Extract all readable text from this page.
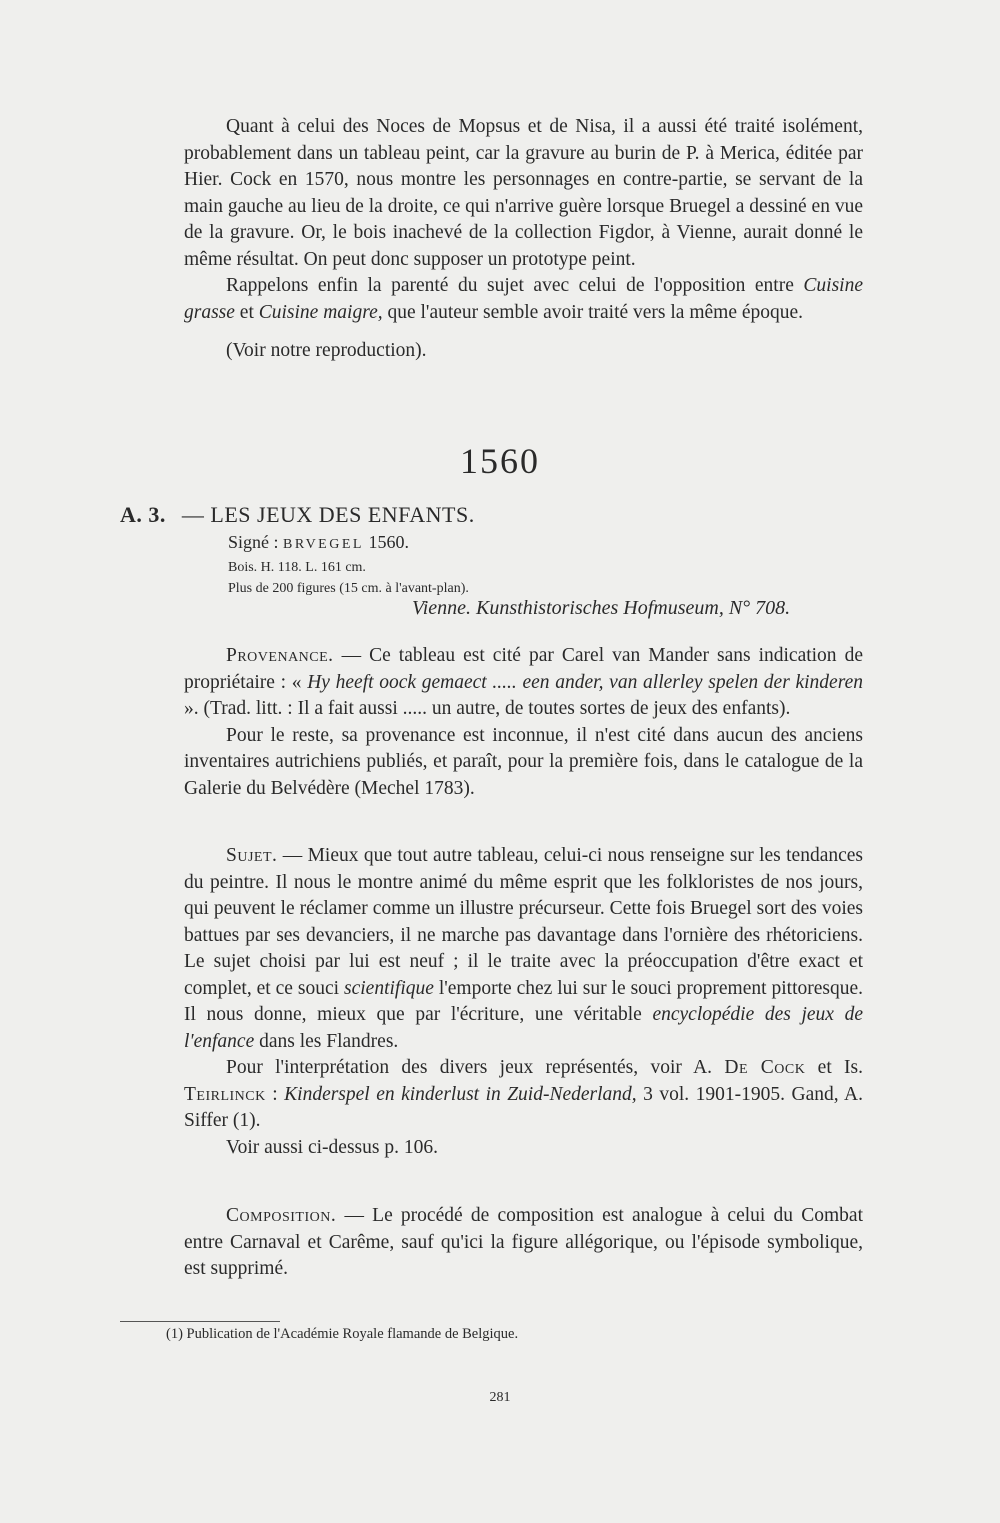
Quant à celui des Noces de Mopsus et de Nisa, il a aussi été traité isolément, probablement dans un tableau peint, car la gravure au burin de P. à Merica, éditée par Hier. Cock en 1570, nous montre les personnages en contre-partie, se servant de la main gauche au lieu de la droite, ce qui n'arrive guère lorsque Bruegel a dessiné en vue de la gravure. Or, le bois inachevé de la collection Figdor, à Vienne, aurait donné le même résultat. On peut donc supposer un prototype peint.

Rappelons enfin la parenté du sujet avec celui de l'opposition entre Cuisine grasse et Cuisine maigre, que l'auteur semble avoir traité vers la même époque.

(Voir notre reproduction).

1560
A. 3. — LES JEUX DES ENFANTS.
Signé : BRVEGEL 1560.
Bois. H. 118. L. 161 cm.
Plus de 200 figures (15 cm. à l'avant-plan).
Vienne. Kunsthistorisches Hofmuseum, N° 708.

Provenance. — Ce tableau est cité par Carel van Mander sans indication de propriétaire : « Hy heeft oock gemaect ..... een ander, van allerley spelen der kinderen ». (Trad. litt. : Il a fait aussi ..... un autre, de toutes sortes de jeux des enfants).

Pour le reste, sa provenance est inconnue, il n'est cité dans aucun des anciens inventaires autrichiens publiés, et paraît, pour la première fois, dans le catalogue de la Galerie du Belvédère (Mechel 1783).

Sujet. — Mieux que tout autre tableau, celui-ci nous renseigne sur les tendances du peintre. Il nous le montre animé du même esprit que les folkloristes de nos jours, qui peuvent le réclamer comme un illustre précurseur. Cette fois Bruegel sort des voies battues par ses devanciers, il ne marche pas davantage dans l'ornière des rhétoriciens. Le sujet choisi par lui est neuf ; il le traite avec la préoccupation d'être exact et complet, et ce souci scientifique l'emporte chez lui sur le souci proprement pittoresque. Il nous donne, mieux que par l'écriture, une véritable encyclopédie des jeux de l'enfance dans les Flandres.

Pour l'interprétation des divers jeux représentés, voir A. De Cock et Is. Teirlinck : Kinderspel en kinderlust in Zuid-Nederland, 3 vol. 1901-1905. Gand, A. Siffer (1).

Voir aussi ci-dessus p. 106.

Composition. — Le procédé de composition est analogue à celui du Combat entre Carnaval et Carême, sauf qu'ici la figure allégorique, ou l'épisode symbolique, est supprimé.

(1) Publication de l'Académie Royale flamande de Belgique.
281
